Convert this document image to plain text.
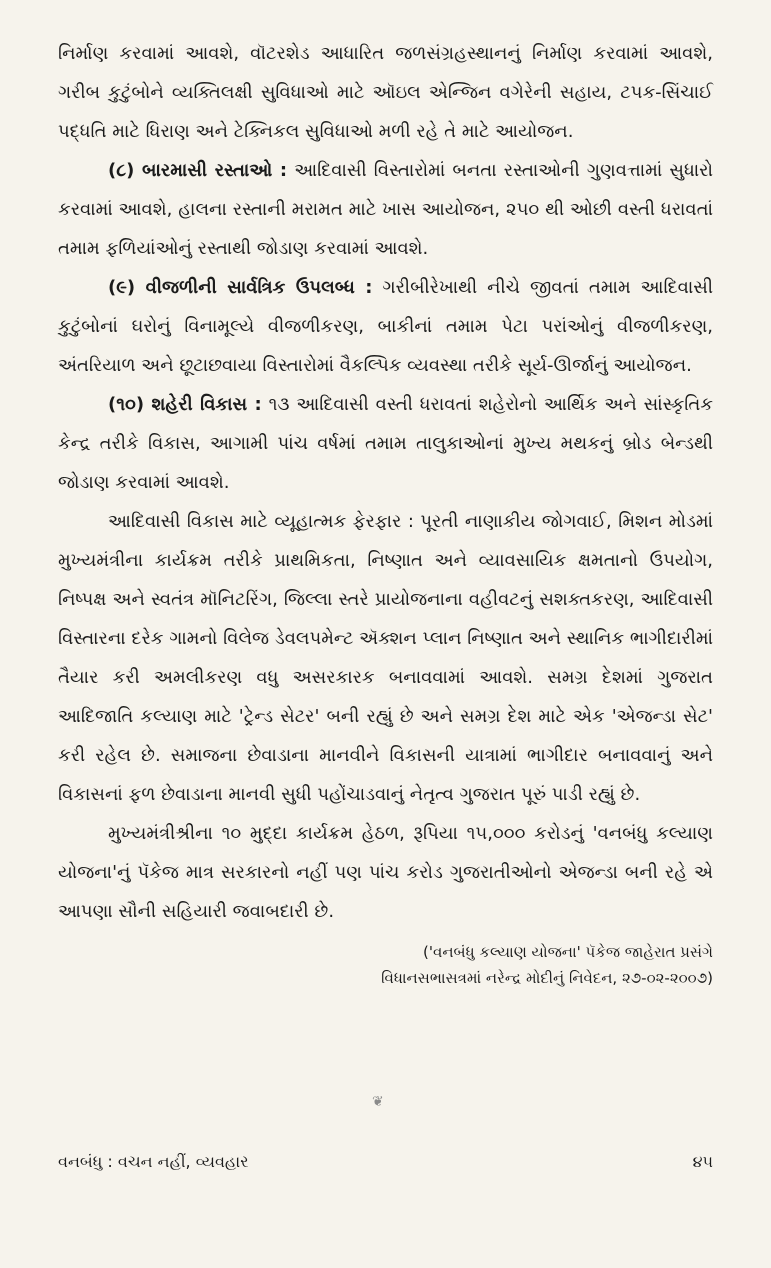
નિર્માણ કરવામાં આવશે, વૉટરશેડ આધારિત જળસંગ્રહસ્થાનનું નિર્માણ કરવામાં આવશે, ગરીબ કુટુંબોને વ્યક્તિલક્ષી સુવિધાઓ માટે ઑઇલ એન્જિન વગેરેની સહાય, ટપક-સિંચાઈ પદ્ધતિ માટે ધિરાણ અને ટેક્નિકલ સુવિધાઓ મળી રહે તે માટે આયોજન.

(૮) બારમાસી રસ્તાઓ : આદિવાસી વિસ્તારોમાં બનતા રસ્તાઓની ગુણવત્તામાં સુધારો કરવામાં આવશે, હાલના રસ્તાની મરામત માટે ખાસ આયોજન, ૨૫૦ થી ઓછી વસ્તી ધરાવતાં તમામ ફળિયાંઓનું રસ્તાથી જોડાણ કરવામાં આવશે.

(૯) વીજળીની સાર્વત્રિક ઉપલબ્ધ : ગરીબીરેખાથી નીચે જીવતાં તમામ આદિવાસી કુટુંબોનાં ઘરોનું વિનામૂલ્યે વીજળીકરણ, બાકીનાં તમામ પેટા પરાંઓનું વીજળીકરણ, અંતરિયાળ અને છૂટાછવાયા વિસ્તારોમાં વૈકલ્પિક વ્યવસ્થા તરીકે સૂર્ય-ઊર્જાનું આયોજન.

(૧૦) શહેરી વિકાસ : ૧૩ આદિવાસી વસ્તી ધરાવતાં શહેરોનો આર્થિક અને સાંસ્કૃતિક કેન્દ્ર તરીકે વિકાસ, આગામી પાંચ વર્ષમાં તમામ તાલુકાઓનાં મુખ્ય મથકનું બ્રોડ બેન્ડથી જોડાણ કરવામાં આવશે.

આદિવાસી વિકાસ માટે વ્યૂહાત્મક ફેરફાર : પૂરતી નાણાકીય જોગવાઈ, મિશન મોડમાં મુખ્યમંત્રીના કાર્યક્રમ તરીકે પ્રાથમિકતા, નિષ્ણાત અને વ્યાવસાયિક ક્ષમતાનો ઉપયોગ, નિષ્પક્ષ અને સ્વતંત્ર મૉનિટરિંગ, જિલ્લા સ્તરે પ્રાયોજનાના વહીવટનું સશક્તકરણ, આદિવાસી વિસ્તારના દરેક ગામનો વિલેજ ડેવલપમેન્ટ ઍક્શન પ્લાન નિષ્ણાત અને સ્થાનિક ભાગીદારીમાં તૈયાર કરી અમલીકરણ વધુ અસરકારક બનાવવામાં આવશે. સમગ્ર દેશમાં ગુજરાત આદિજાતિ કલ્યાણ માટે 'ટ્રેન્ડ સેટર' બની રહ્યું છે અને સમગ્ર દેશ માટે એક 'એજન્ડા સેટ' કરી રહેલ છે. સમાજના છેવાડાના માનવીને વિકાસની યાત્રામાં ભાગીદાર બનાવવાનું અને વિકાસનાં ફળ છેવાડાના માનવી સુધી પહોંચાડવાનું નેતૃત્વ ગુજરાત પૂરું પાડી રહ્યું છે.

મુખ્યમંત્રીશ્રીના ૧૦ મુદ્દા કાર્યક્રમ હેઠળ, રૂપિયા ૧૫,૦૦૦ કરોડનું 'વનબંધુ કલ્યાણ યોજના'નું પૅકેજ માત્ર સરકારનો નહીં પણ પાંચ કરોડ ગુજરાતીઓનો એજન્ડા બની રહે એ આપણા સૌની સહિયારી જવાબદારી છે.

('વનબંધુ કલ્યાણ યોજના' પૅકેજ જાહેરાત પ્રસંગે
વિધાનસભાસત્રમાં નરેન્દ્ર મોદીનું નિવેદન, ૨૭-૦૨-૨૦૦૭)
❦
વનબંધુ : વચન નહીં, વ્યવહાર	૪૫
